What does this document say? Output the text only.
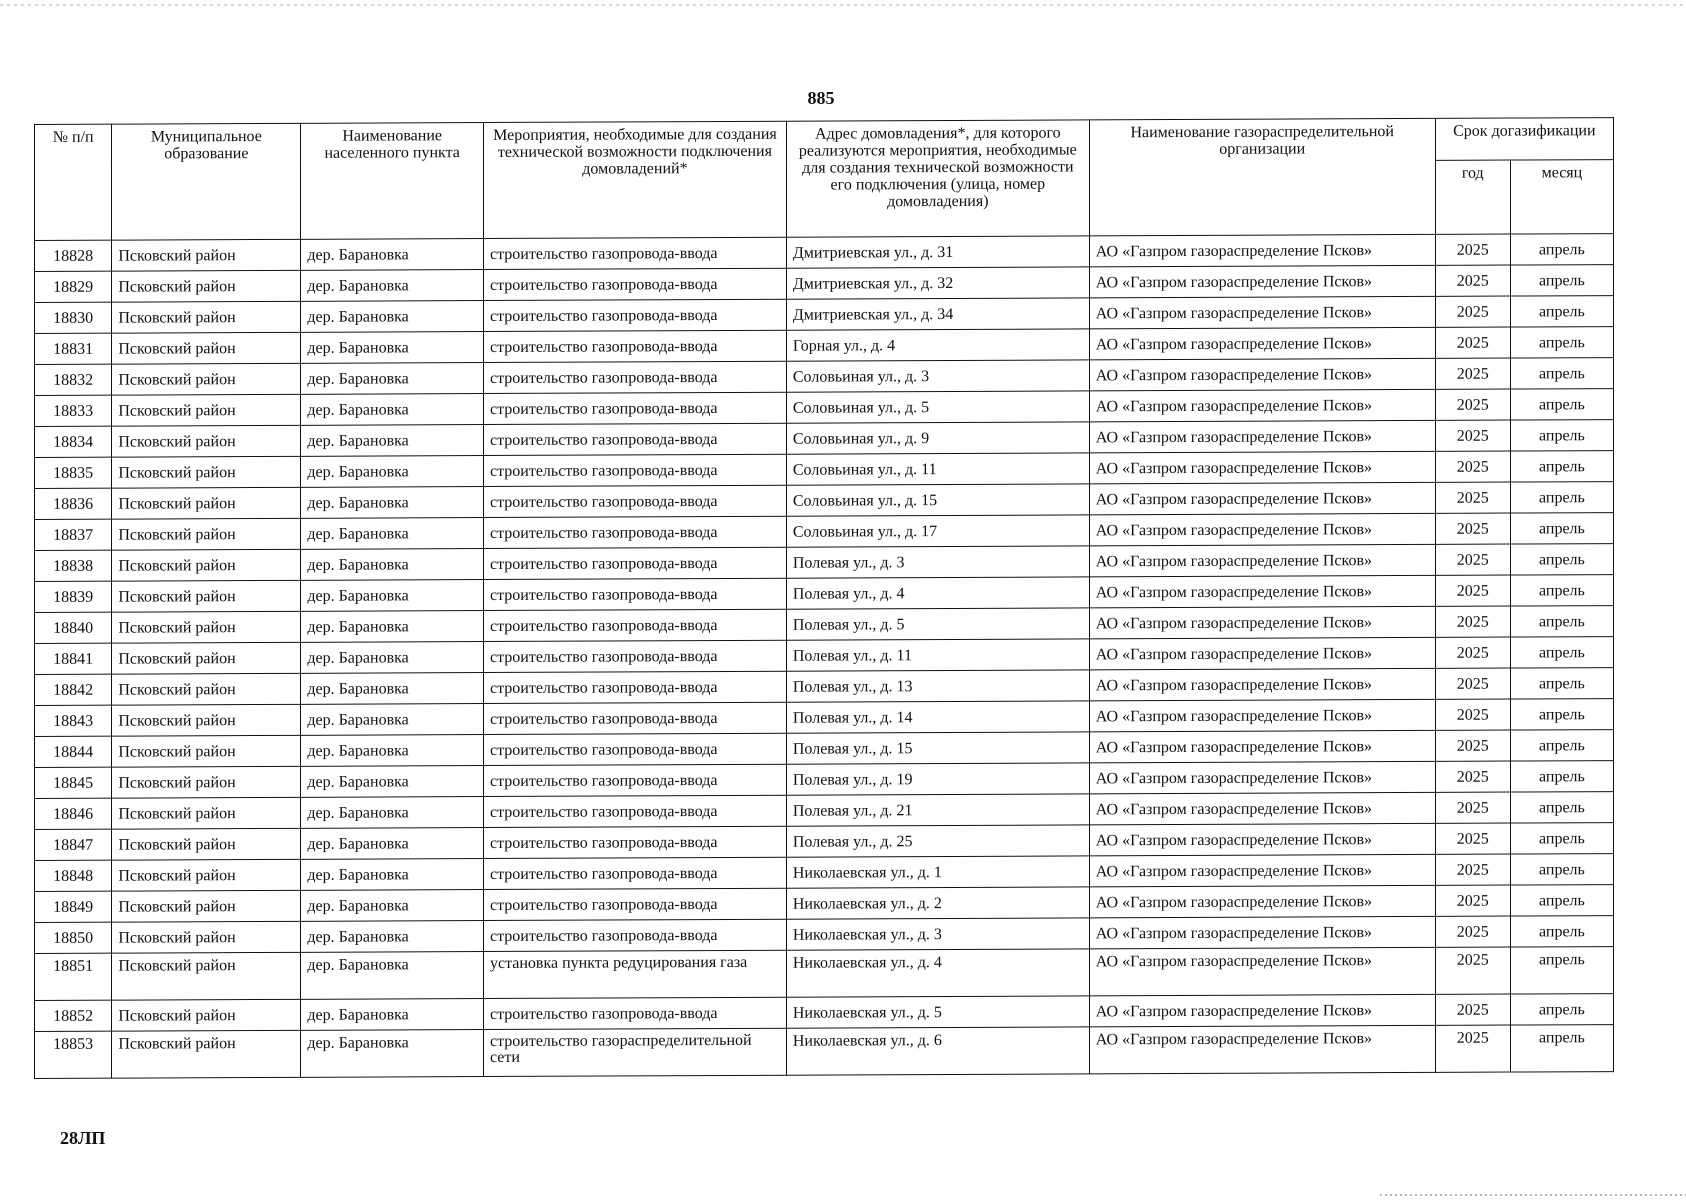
885
№ п/п	Муниципальное образование	Наименование населенного пункта	Мероприятия, необходимые для создания технической возможности подключения домовладений*	Адрес домовладения*, для которого реализуются мероприятия, необходимые для создания технической возможности его подключения (улица, номер домовладения)	Наименование газораспределительной организации	Срок догазификации	
						год	месяц
18828	Псковский район	дер. Барановка	строительство газопровода-ввода	Дмитриевская ул., д. 31	АО «Газпром газораспределение Псков»	2025	апрель
18829	Псковский район	дер. Барановка	строительство газопровода-ввода	Дмитриевская ул., д. 32	АО «Газпром газораспределение Псков»	2025	апрель
18830	Псковский район	дер. Барановка	строительство газопровода-ввода	Дмитриевская ул., д. 34	АО «Газпром газораспределение Псков»	2025	апрель
18831	Псковский район	дер. Барановка	строительство газопровода-ввода	Горная ул., д. 4	АО «Газпром газораспределение Псков»	2025	апрель
18832	Псковский район	дер. Барановка	строительство газопровода-ввода	Соловьиная ул., д. 3	АО «Газпром газораспределение Псков»	2025	апрель
18833	Псковский район	дер. Барановка	строительство газопровода-ввода	Соловьиная ул., д. 5	АО «Газпром газораспределение Псков»	2025	апрель
18834	Псковский район	дер. Барановка	строительство газопровода-ввода	Соловьиная ул., д. 9	АО «Газпром газораспределение Псков»	2025	апрель
18835	Псковский район	дер. Барановка	строительство газопровода-ввода	Соловьиная ул., д. 11	АО «Газпром газораспределение Псков»	2025	апрель
18836	Псковский район	дер. Барановка	строительство газопровода-ввода	Соловьиная ул., д. 15	АО «Газпром газораспределение Псков»	2025	апрель
18837	Псковский район	дер. Барановка	строительство газопровода-ввода	Соловьиная ул., д. 17	АО «Газпром газораспределение Псков»	2025	апрель
18838	Псковский район	дер. Барановка	строительство газопровода-ввода	Полевая ул., д. 3	АО «Газпром газораспределение Псков»	2025	апрель
18839	Псковский район	дер. Барановка	строительство газопровода-ввода	Полевая ул., д. 4	АО «Газпром газораспределение Псков»	2025	апрель
18840	Псковский район	дер. Барановка	строительство газопровода-ввода	Полевая ул., д. 5	АО «Газпром газораспределение Псков»	2025	апрель
18841	Псковский район	дер. Барановка	строительство газопровода-ввода	Полевая ул., д. 11	АО «Газпром газораспределение Псков»	2025	апрель
18842	Псковский район	дер. Барановка	строительство газопровода-ввода	Полевая ул., д. 13	АО «Газпром газораспределение Псков»	2025	апрель
18843	Псковский район	дер. Барановка	строительство газопровода-ввода	Полевая ул., д. 14	АО «Газпром газораспределение Псков»	2025	апрель
18844	Псковский район	дер. Барановка	строительство газопровода-ввода	Полевая ул., д. 15	АО «Газпром газораспределение Псков»	2025	апрель
18845	Псковский район	дер. Барановка	строительство газопровода-ввода	Полевая ул., д. 19	АО «Газпром газораспределение Псков»	2025	апрель
18846	Псковский район	дер. Барановка	строительство газопровода-ввода	Полевая ул., д. 21	АО «Газпром газораспределение Псков»	2025	апрель
18847	Псковский район	дер. Барановка	строительство газопровода-ввода	Полевая ул., д. 25	АО «Газпром газораспределение Псков»	2025	апрель
18848	Псковский район	дер. Барановка	строительство газопровода-ввода	Николаевская ул., д. 1	АО «Газпром газораспределение Псков»	2025	апрель
18849	Псковский район	дер. Барановка	строительство газопровода-ввода	Николаевская ул., д. 2	АО «Газпром газораспределение Псков»	2025	апрель
18850	Псковский район	дер. Барановка	строительство газопровода-ввода	Николаевская ул., д. 3	АО «Газпром газораспределение Псков»	2025	апрель
18851	Псковский район	дер. Барановка	установка пункта редуцирования газа	Николаевская ул., д. 4	АО «Газпром газораспределение Псков»	2025	апрель
18852	Псковский район	дер. Барановка	строительство газопровода-ввода	Николаевская ул., д. 5	АО «Газпром газораспределение Псков»	2025	апрель
18853	Псковский район	дер. Барановка	строительство газораспределительной сети	Николаевская ул., д. 6	АО «Газпром газораспределение Псков»	2025	апрель
28ЛП
